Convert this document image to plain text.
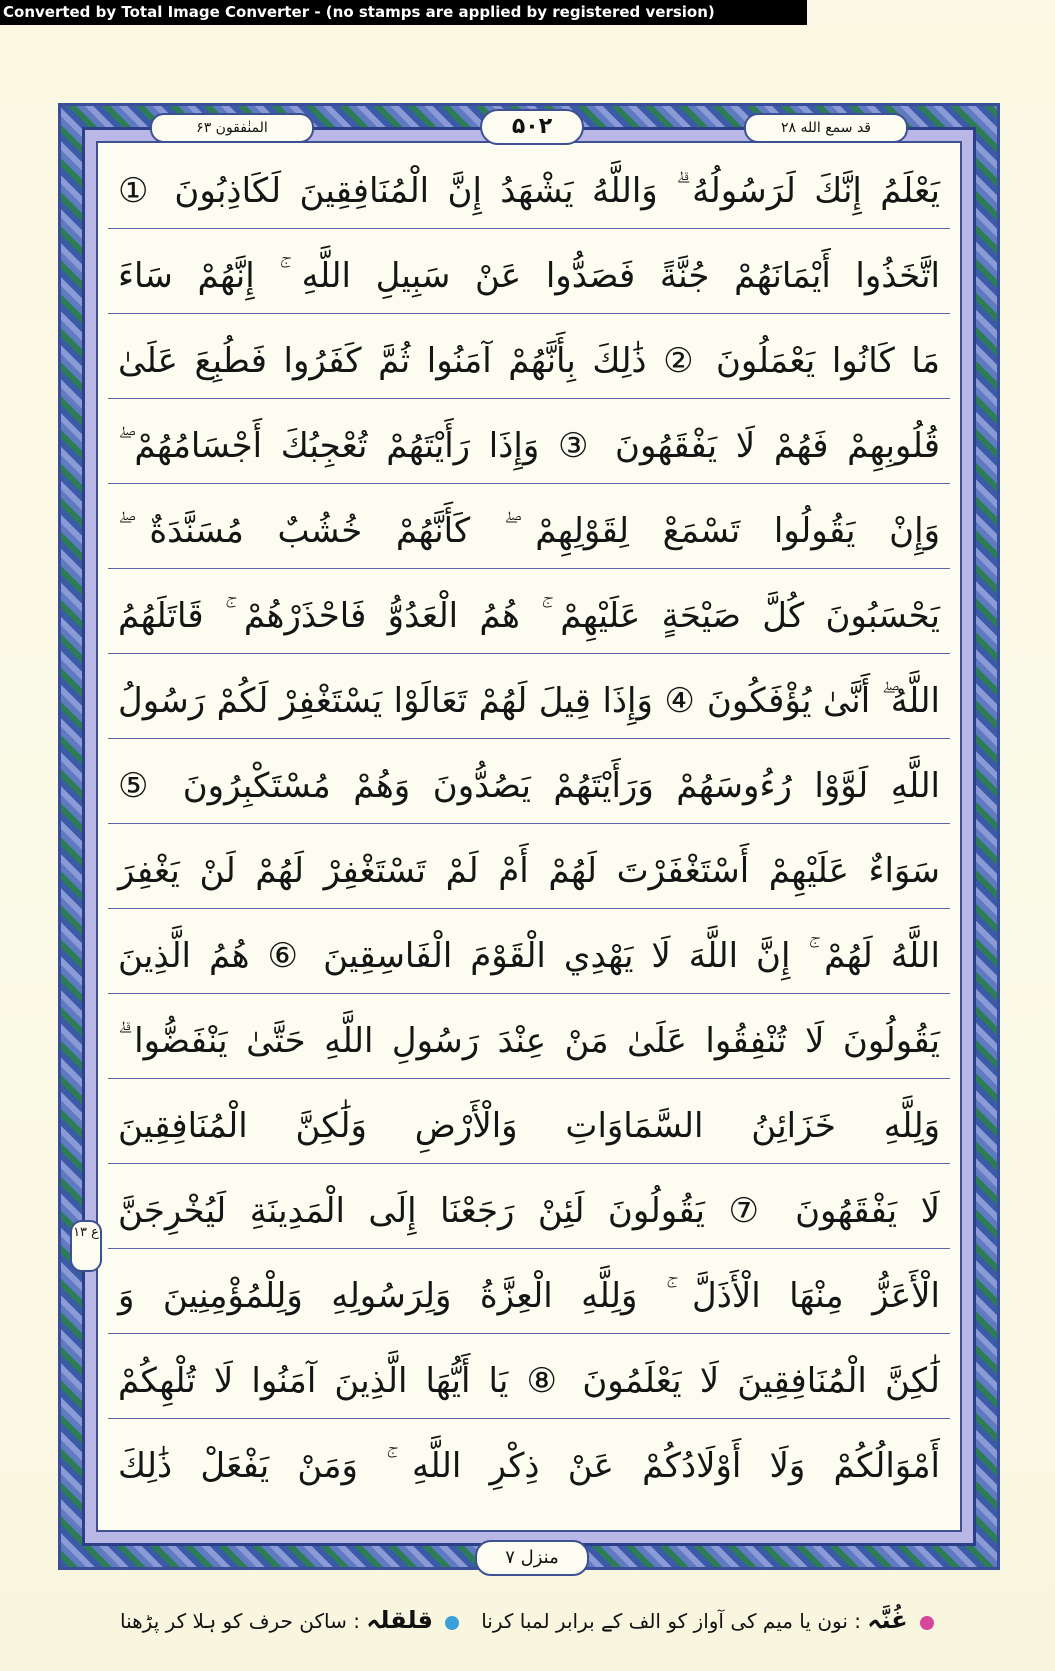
Converted by Total Image Converter - (no stamps are applied by registered version)
قد سمع الله ۲۸
۵۰۲
المنٰفقون ۶۳
ع ۱۳
يَعْلَمُ إِنَّكَ لَرَسُولُهُ ۗ وَاللَّهُ يَشْهَدُ إِنَّ الْمُنَافِقِينَ لَكَاذِبُونَ ①
اتَّخَذُوا أَيْمَانَهُمْ جُنَّةً فَصَدُّوا عَنْ سَبِيلِ اللَّهِ ۚ إِنَّهُمْ سَاءَ
مَا كَانُوا يَعْمَلُونَ ② ذَٰلِكَ بِأَنَّهُمْ آمَنُوا ثُمَّ كَفَرُوا فَطُبِعَ عَلَىٰ
قُلُوبِهِمْ فَهُمْ لَا يَفْقَهُونَ ③ وَإِذَا رَأَيْتَهُمْ تُعْجِبُكَ أَجْسَامُهُمْ ۖ
وَإِنْ يَقُولُوا تَسْمَعْ لِقَوْلِهِمْ ۖ كَأَنَّهُمْ خُشُبٌ مُسَنَّدَةٌ ۖ
يَحْسَبُونَ كُلَّ صَيْحَةٍ عَلَيْهِمْ ۚ هُمُ الْعَدُوُّ فَاحْذَرْهُمْ ۚ قَاتَلَهُمُ
اللَّهُ ۖ أَنَّىٰ يُؤْفَكُونَ ④ وَإِذَا قِيلَ لَهُمْ تَعَالَوْا يَسْتَغْفِرْ لَكُمْ رَسُولُ
اللَّهِ لَوَّوْا رُءُوسَهُمْ وَرَأَيْتَهُمْ يَصُدُّونَ وَهُمْ مُسْتَكْبِرُونَ ⑤
سَوَاءٌ عَلَيْهِمْ أَسْتَغْفَرْتَ لَهُمْ أَمْ لَمْ تَسْتَغْفِرْ لَهُمْ لَنْ يَغْفِرَ
اللَّهُ لَهُمْ ۚ إِنَّ اللَّهَ لَا يَهْدِي الْقَوْمَ الْفَاسِقِينَ ⑥ هُمُ الَّذِينَ
يَقُولُونَ لَا تُنْفِقُوا عَلَىٰ مَنْ عِنْدَ رَسُولِ اللَّهِ حَتَّىٰ يَنْفَضُّوا ۗ
وَلِلَّهِ خَزَائِنُ السَّمَاوَاتِ وَالْأَرْضِ وَلَٰكِنَّ الْمُنَافِقِينَ
لَا يَفْقَهُونَ ⑦ يَقُولُونَ لَئِنْ رَجَعْنَا إِلَى الْمَدِينَةِ لَيُخْرِجَنَّ
الْأَعَزُّ مِنْهَا الْأَذَلَّ ۚ وَلِلَّهِ الْعِزَّةُ وَلِرَسُولِهِ وَلِلْمُؤْمِنِينَ وَ
لَٰكِنَّ الْمُنَافِقِينَ لَا يَعْلَمُونَ ⑧ يَا أَيُّهَا الَّذِينَ آمَنُوا لَا تُلْهِكُمْ
أَمْوَالُكُمْ وَلَا أَوْلَادُكُمْ عَنْ ذِكْرِ اللَّهِ ۚ وَمَنْ يَفْعَلْ ذَٰلِكَ
منزل ۷
غُنَّہ : نون یا میم کی آواز کو الف کے برابر لمبا کرنا
قلقلہ : ساکن حرف کو ہلا کر پڑھنا
